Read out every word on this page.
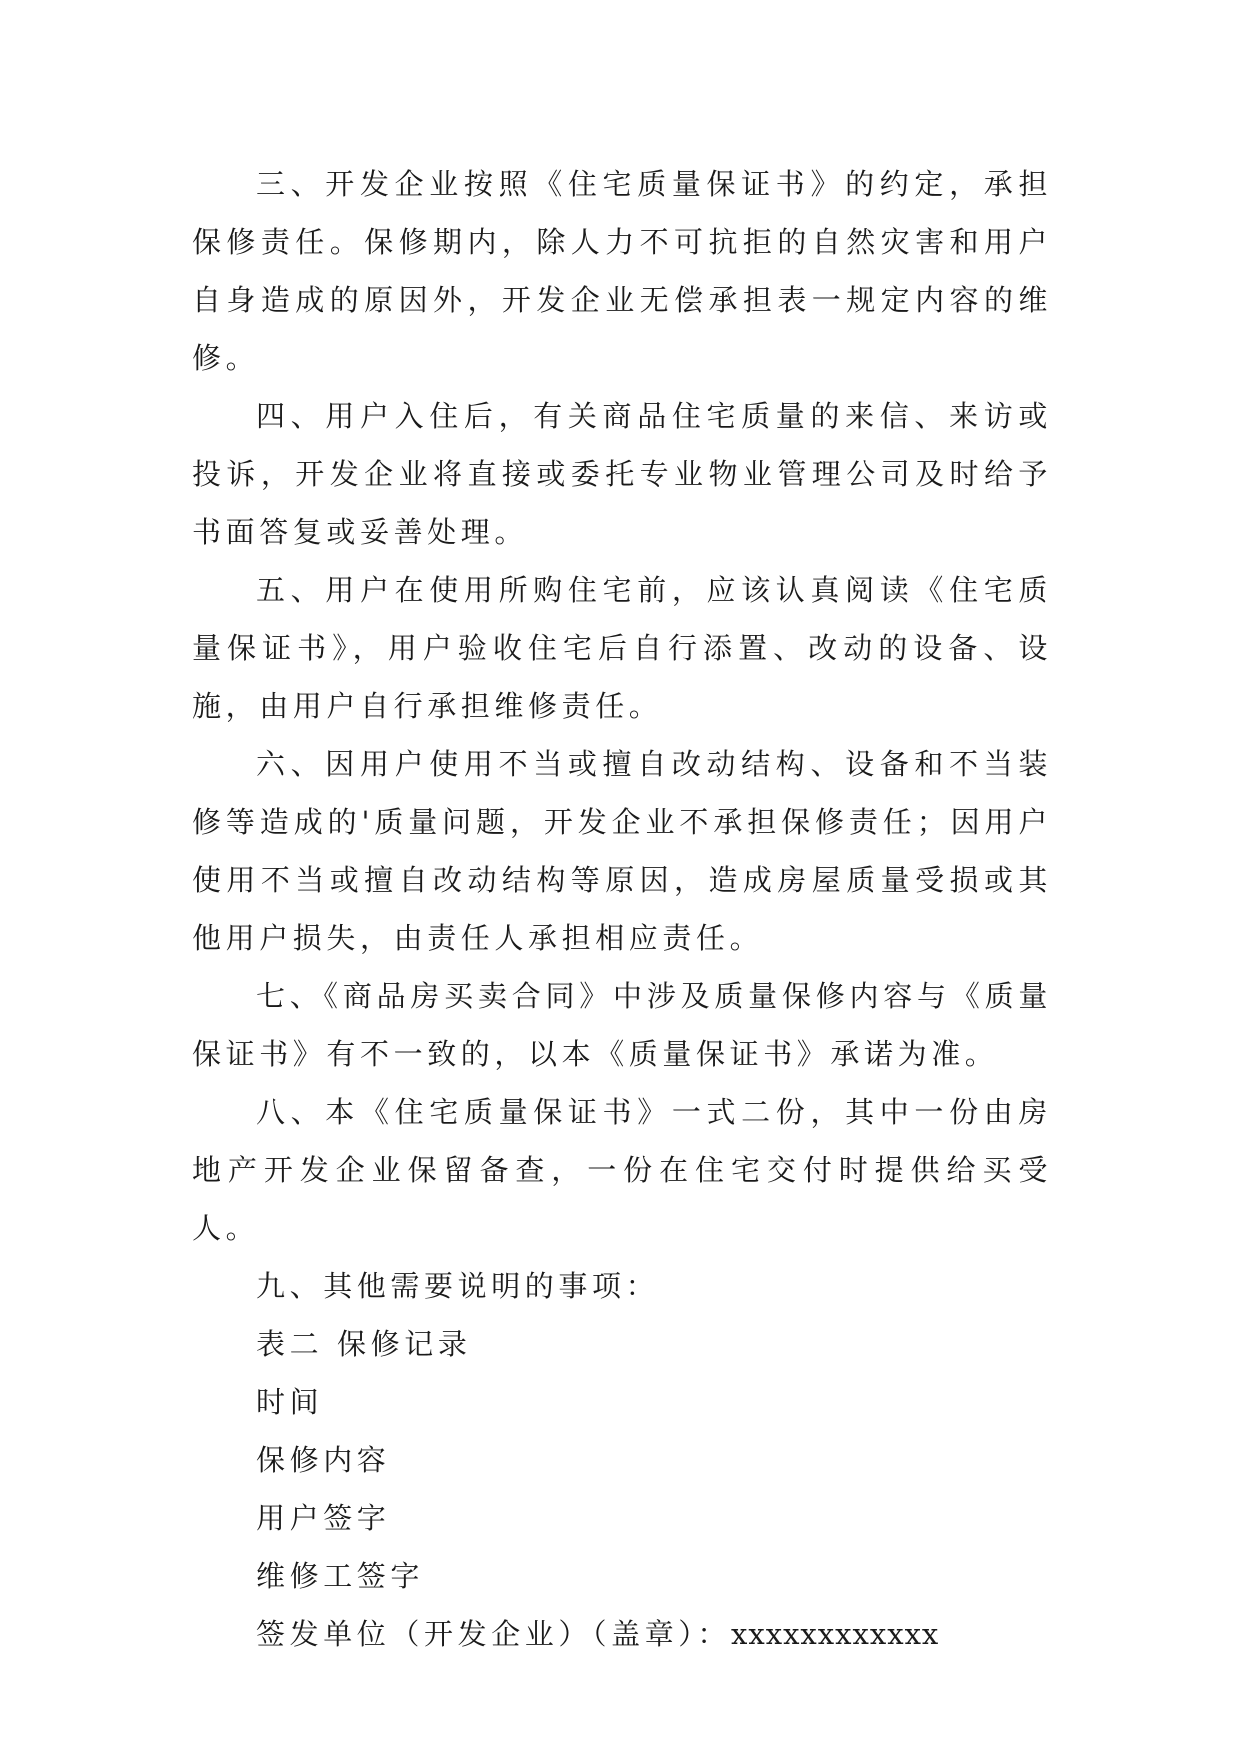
三、开发企业按照《住宅质量保证书》的约定，承担保修责任。保修期内，除人力不可抗拒的自然灾害和用户自身造成的原因外，开发企业无偿承担表一规定内容的维修。

四、用户入住后，有关商品住宅质量的来信、来访或投诉，开发企业将直接或委托专业物业管理公司及时给予书面答复或妥善处理。

五、用户在使用所购住宅前，应该认真阅读《住宅质量保证书》，用户验收住宅后自行添置、改动的设备、设施，由用户自行承担维修责任。

六、因用户使用不当或擅自改动结构、设备和不当装修等造成的'质量问题，开发企业不承担保修责任；因用户使用不当或擅自改动结构等原因，造成房屋质量受损或其他用户损失，由责任人承担相应责任。

七、《商品房买卖合同》中涉及质量保修内容与《质量保证书》有不一致的，以本《质量保证书》承诺为准。

八、本《住宅质量保证书》一式二份，其中一份由房地产开发企业保留备查，一份在住宅交付时提供给买受人。

九、其他需要说明的事项：

表二 保修记录

时间

保修内容

用户签字

维修工签字

签发单位（开发企业）（盖章）：xxxxxxxxxxxx
